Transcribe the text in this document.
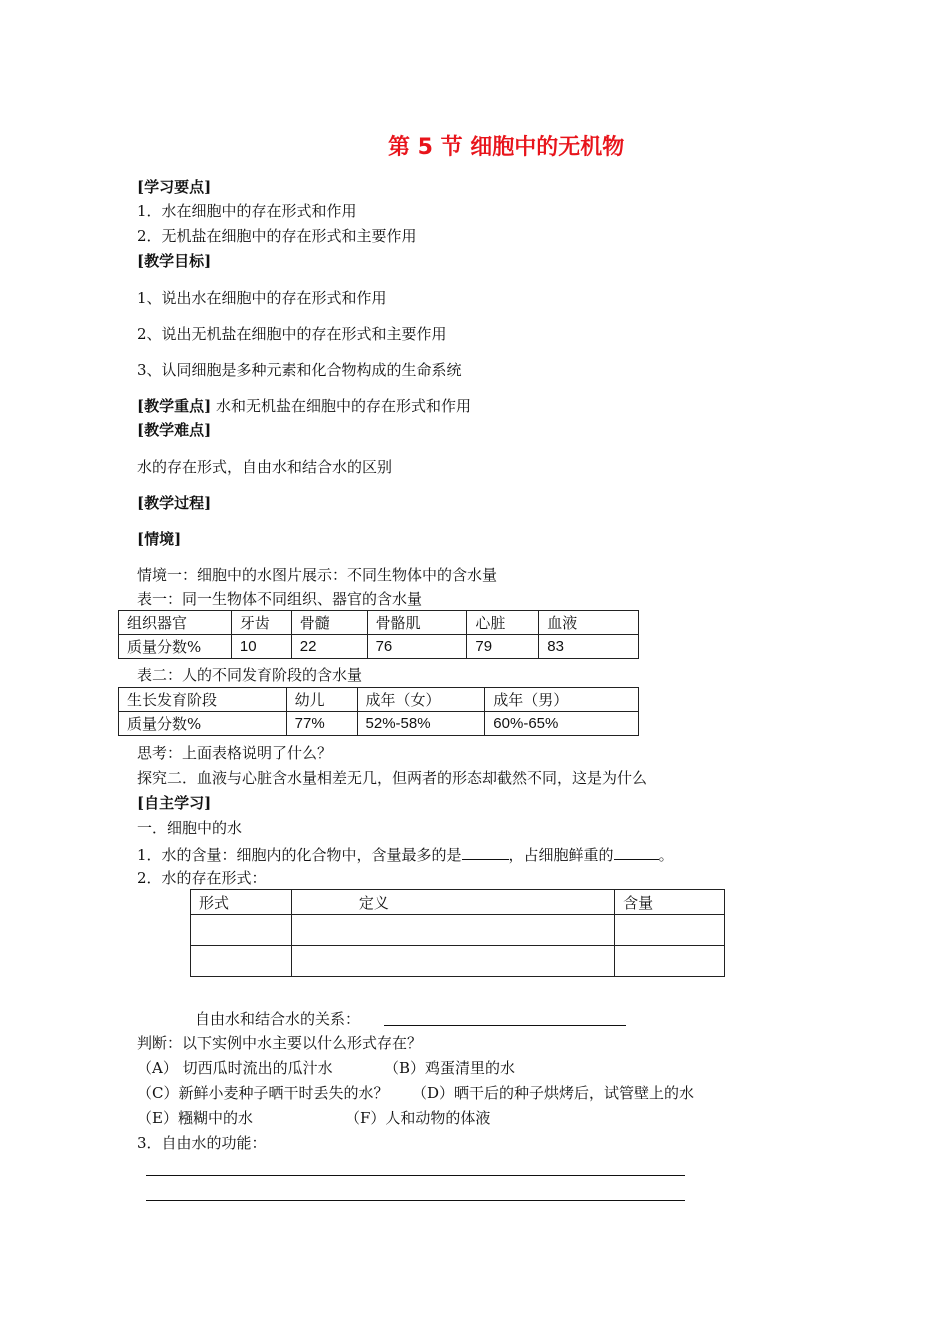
第 5 节 细胞中的无机物
[学习要点]
1．水在细胞中的存在形式和作用
2．无机盐在细胞中的存在形式和主要作用
[教学目标]
1、说出水在细胞中的存在形式和作用
2、说出无机盐在细胞中的存在形式和主要作用
3、认同细胞是多种元素和化合物构成的生命系统
[教学重点] 水和无机盐在细胞中的存在形式和作用
[教学难点]
水的存在形式，自由水和结合水的区别
[教学过程]
[情境]
情境一：细胞中的水图片展示：不同生物体中的含水量
表一：同一生物体不同组织、器官的含水量
组织器官	牙齿	骨髓	骨骼肌	心脏	血液
质量分数%	10	22	76	79	83
表二：人的不同发育阶段的含水量
生长发育阶段	幼儿	成年（女）	成年（男）
质量分数%	77%	52%-58%	60%-65%
思考：上面表格说明了什么？
探究二．血液与心脏含水量相差无几，但两者的形态却截然不同，这是为什么
[自主学习]
一．细胞中的水
1．水的含量：细胞内的化合物中，含量最多的是	，占细胞鲜重的	。
2．水的存在形式：
形式	定义	含量

自由水和结合水的关系：
判断：以下实例中水主要以什么形式存在？
（A） 切西瓜时流出的瓜汁水	（B）鸡蛋清里的水
（C）新鲜小麦种子晒干时丢失的水？ （D）晒干后的种子烘烤后，试管壁上的水
（E）糨糊中的水	（F）人和动物的体液
3．自由水的功能：
